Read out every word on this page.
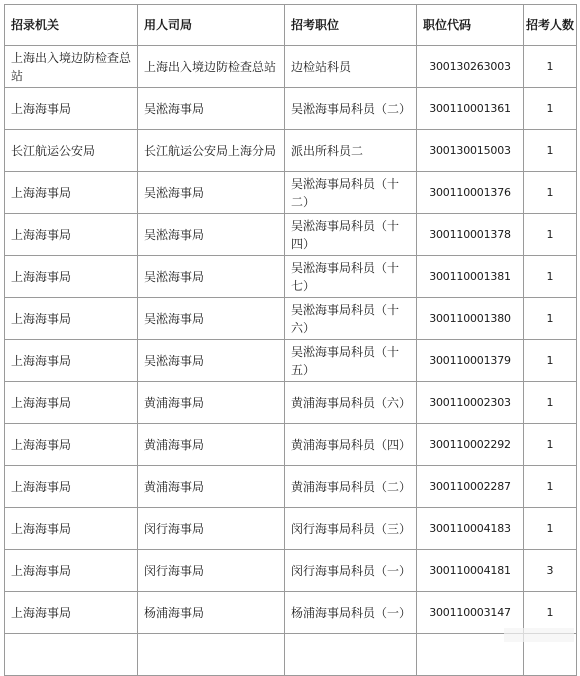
招录机关	用人司局	招考职位	职位代码	招考人数
上海出入境边防检查总站	上海出入境边防检查总站	边检站科员	300130263003	1
上海海事局	吴淞海事局	吴淞海事局科员（二）	300110001361	1
长江航运公安局	长江航运公安局上海分局	派出所科员二	300130015003	1
上海海事局	吴淞海事局	吴淞海事局科员（十二）	300110001376	1
上海海事局	吴淞海事局	吴淞海事局科员（十四）	300110001378	1
上海海事局	吴淞海事局	吴淞海事局科员（十七）	300110001381	1
上海海事局	吴淞海事局	吴淞海事局科员（十六）	300110001380	1
上海海事局	吴淞海事局	吴淞海事局科员（十五）	300110001379	1
上海海事局	黄浦海事局	黄浦海事局科员（六）	300110002303	1
上海海事局	黄浦海事局	黄浦海事局科员（四）	300110002292	1
上海海事局	黄浦海事局	黄浦海事局科员（二）	300110002287	1
上海海事局	闵行海事局	闵行海事局科员（三）	300110004183	1
上海海事局	闵行海事局	闵行海事局科员（一）	300110004181	3
上海海事局	杨浦海事局	杨浦海事局科员（一）	300110003147	1
